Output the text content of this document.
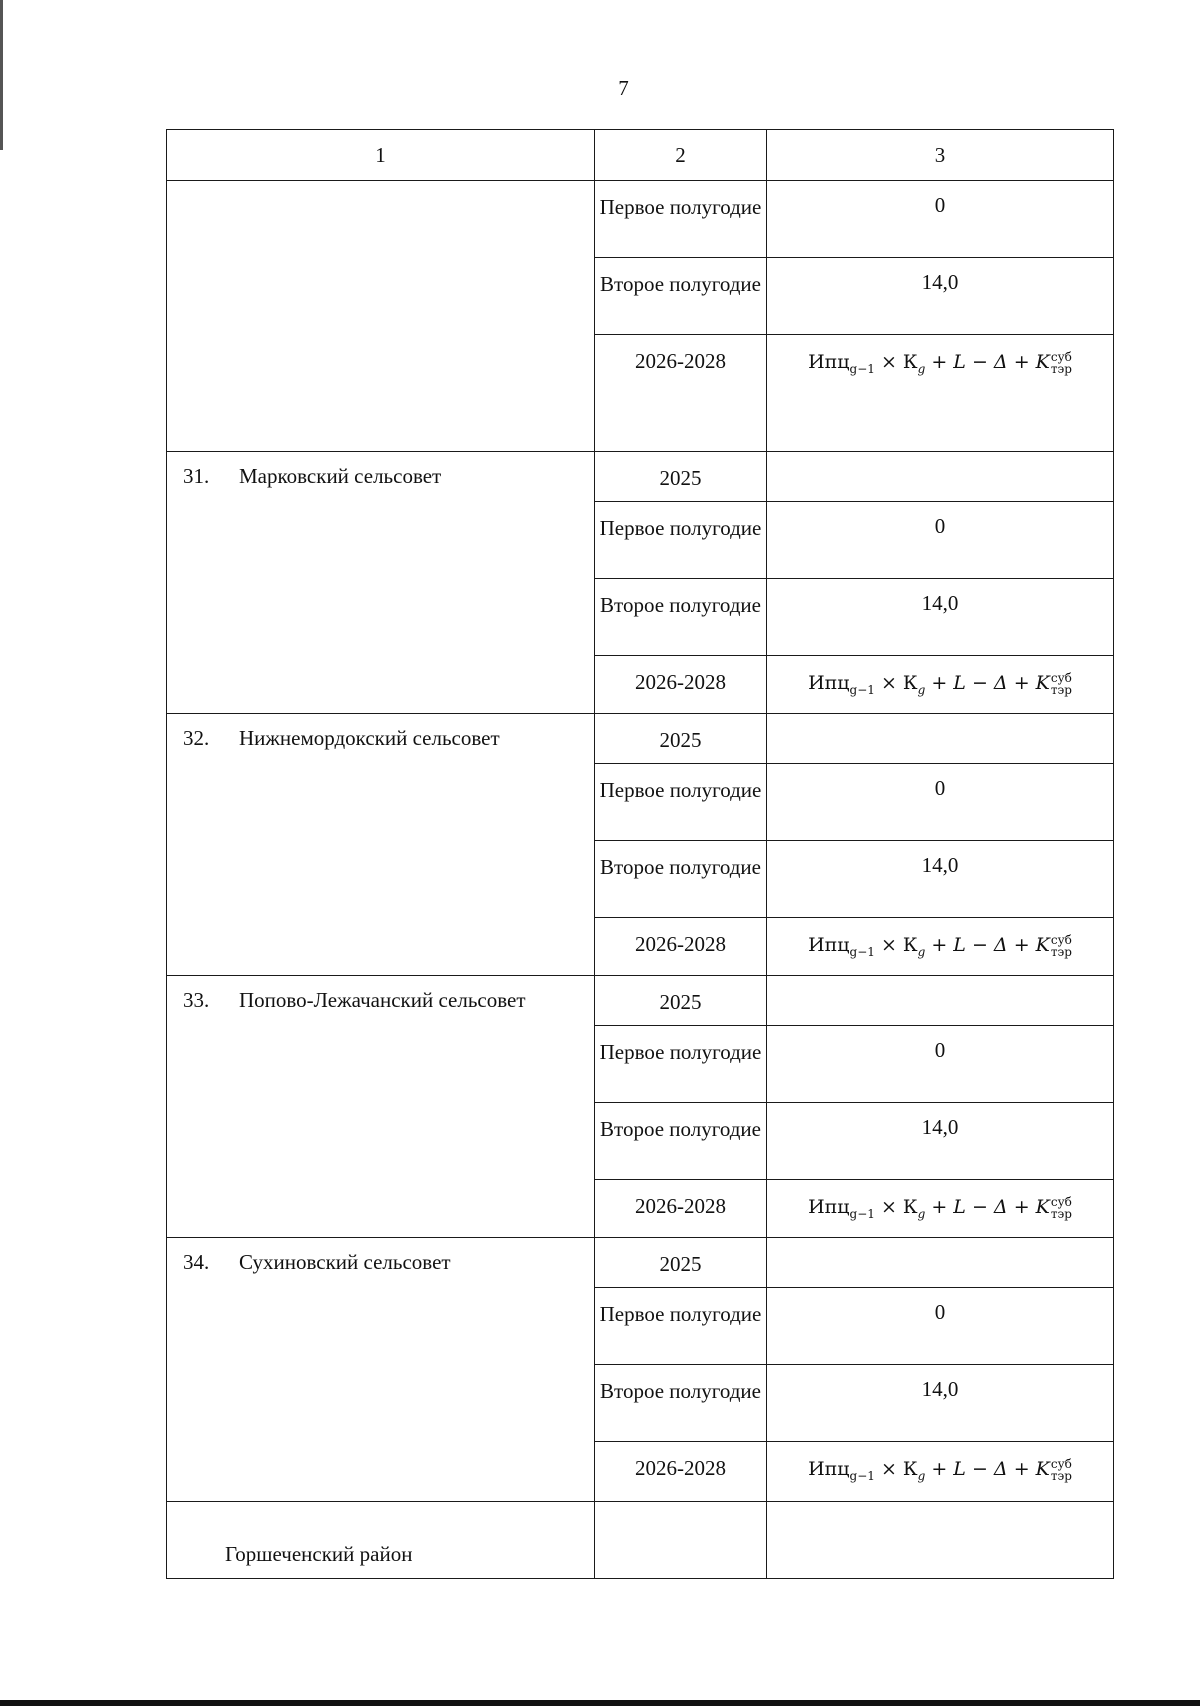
7
1	2	3
	Первое полугодие	0
	Второе полугодие	14,0
	2026-2028	$Ипц_{g-1} \times К_g + L - \Delta + K$ суб
тэр

31. Марковский сельсовет	2025	
	Первое полугодие	0
	Второе полугодие	14,0
	2026-2028	$Ипц_{g-1} \times К_g + L - \Delta + K$ суб
тэр

32. Нижнемордокский сельсовет	2025	
	Первое полугодие	0
	Второе полугодие	14,0
	2026-2028	$Ипц_{g-1} \times К_g + L - \Delta + K$ суб
тэр

33. Попово-Лежачанский сельсовет	2025	
	Первое полугодие	0
	Второе полугодие	14,0
	2026-2028	$Ипц_{g-1} \times К_g + L - \Delta + K$ суб
тэр

34. Сухиновский сельсовет	2025	
	Первое полугодие	0
	Второе полугодие	14,0
	2026-2028	$Ипц_{g-1} \times К_g + L - \Delta + K$ суб
тэр

Горшеченский район		
